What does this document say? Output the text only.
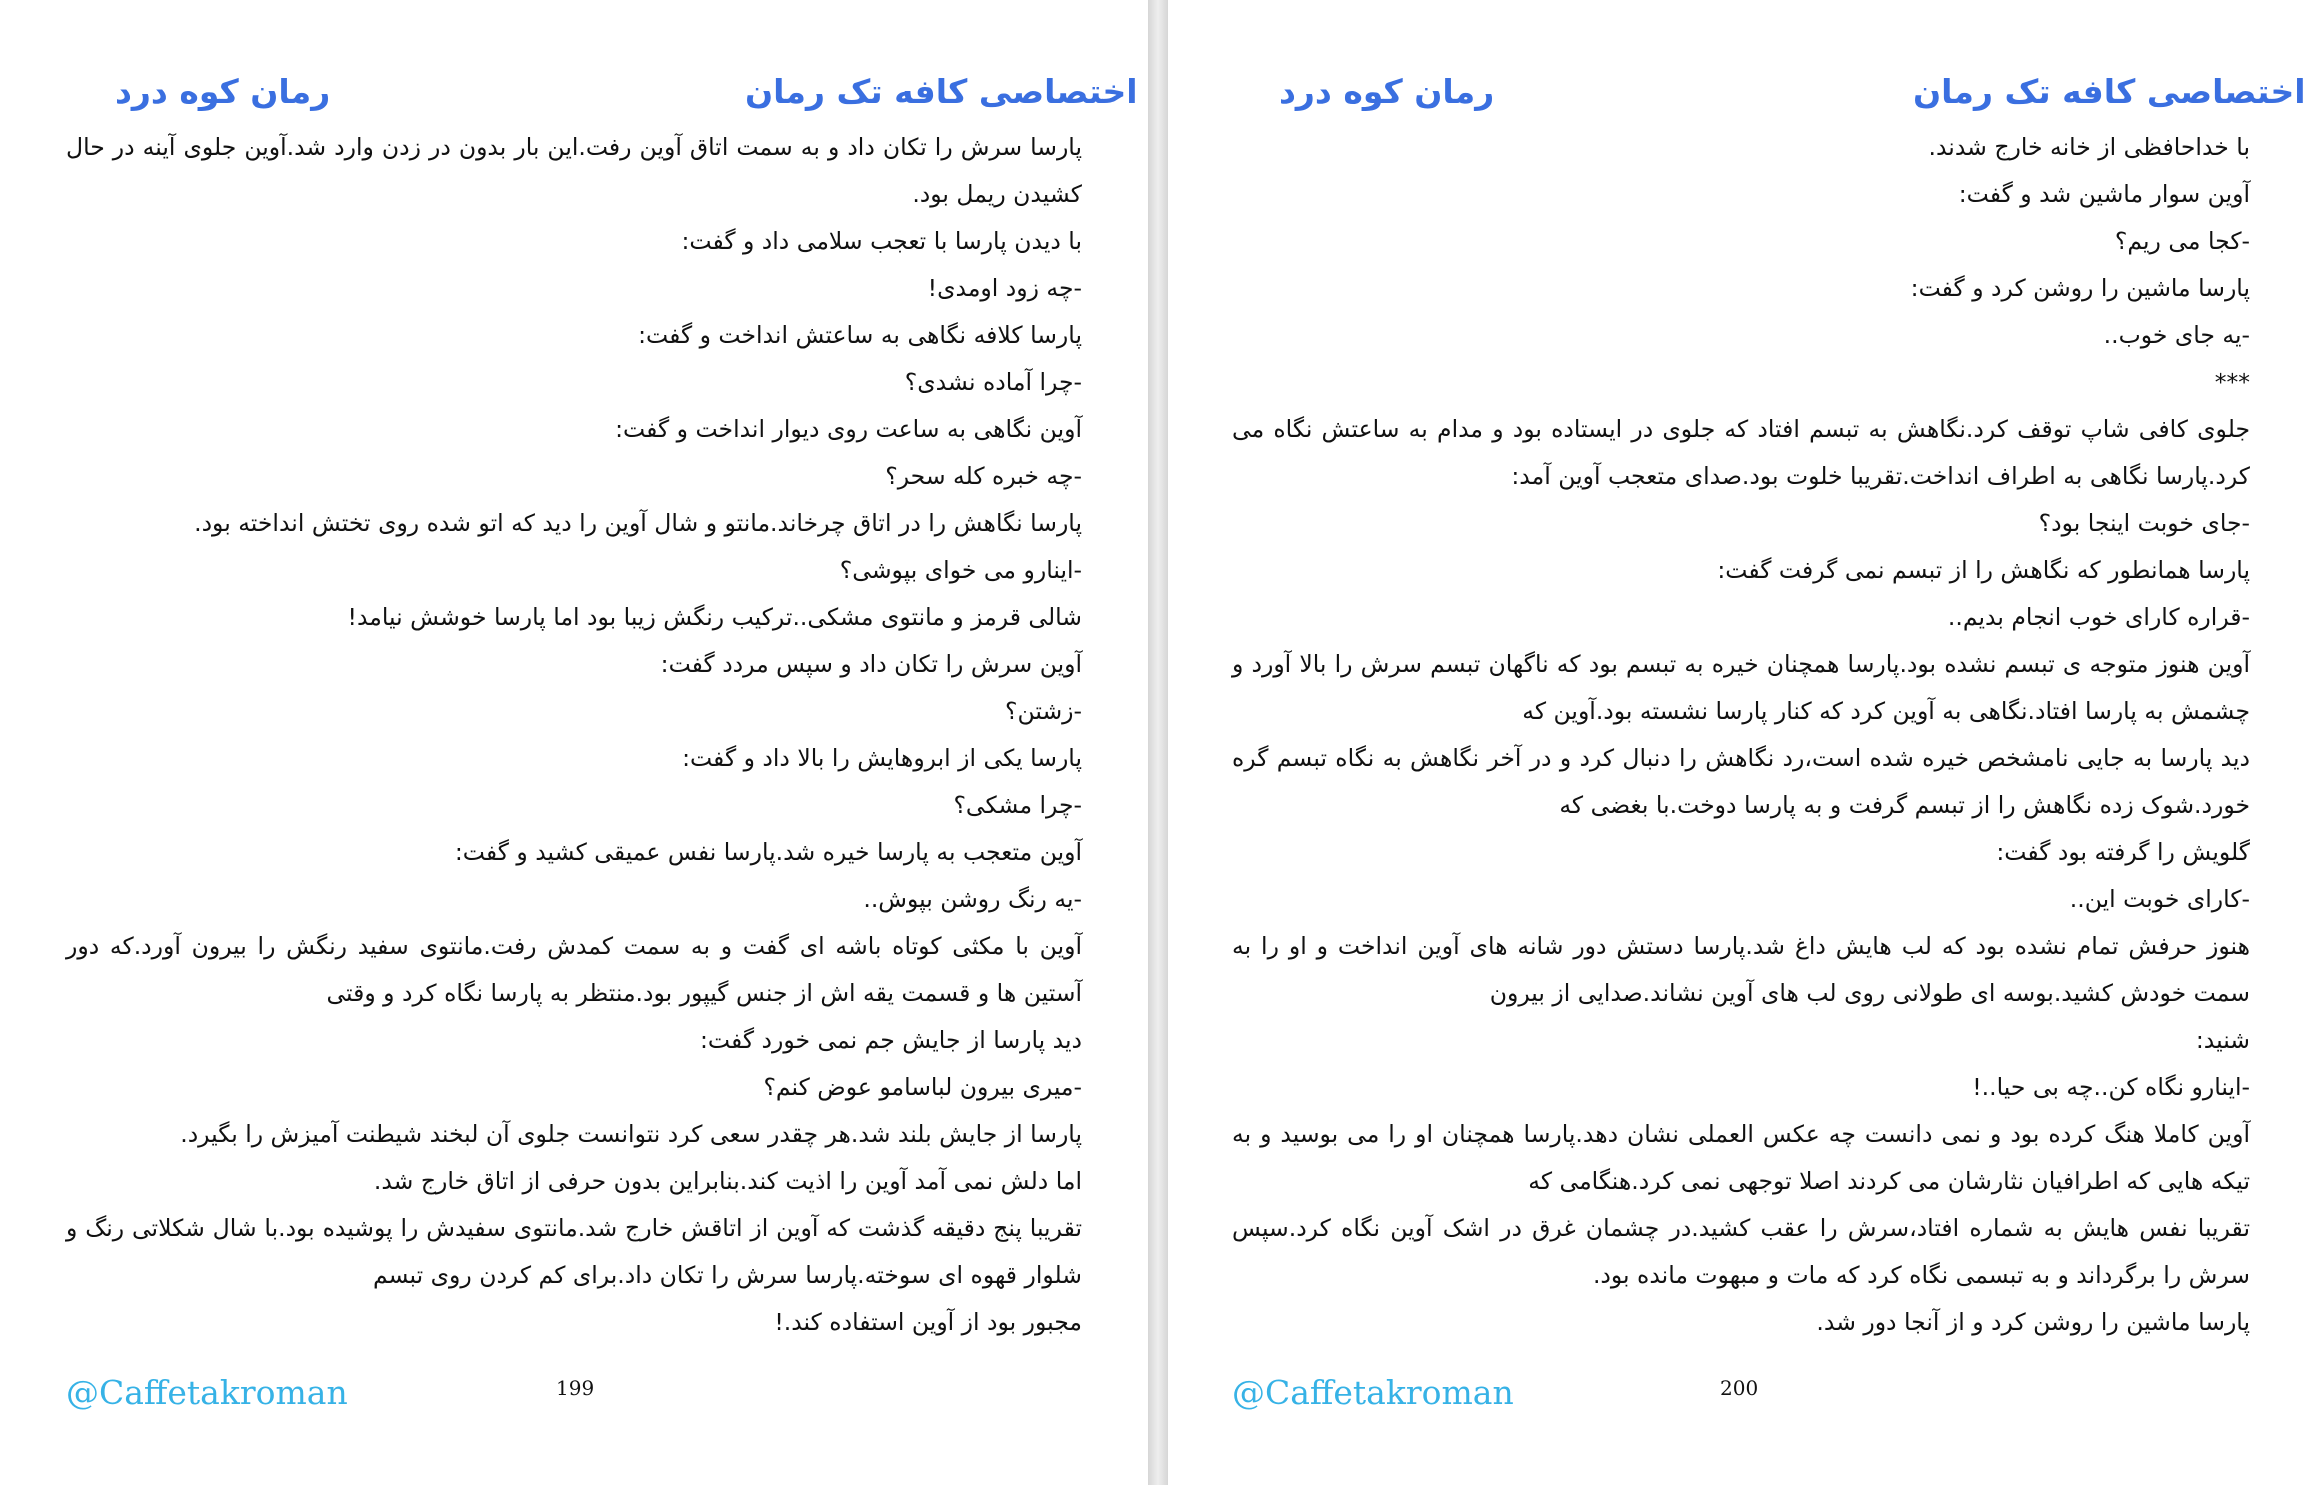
اختصاصی کافه تک رمان
رمان کوه درد

پارسا سرش را تکان داد و به سمت اتاق آوین رفت.این بار بدون در زدن وارد شد.آوین جلوی آینه در حال کشیدن ریمل بود.

با دیدن پارسا با تعجب سلامی داد و گفت:

-چه زود اومدی!

پارسا کلافه نگاهی به ساعتش انداخت و گفت:

-چرا آماده نشدی؟

آوین نگاهی به ساعت روی دیوار انداخت و گفت:

-چه خبره کله سحر؟

پارسا نگاهش را در اتاق چرخاند.مانتو و شال آوین را دید که اتو شده روی تختش انداخته بود.

-اینارو می خوای بپوشی؟

شالی قرمز و مانتوی مشکی..ترکیب رنگش زیبا بود اما پارسا خوشش نیامد!

آوین سرش را تکان داد و سپس مردد گفت:

-زشتن؟

پارسا یکی از ابروهایش را بالا داد و گفت:

-چرا مشکی؟

آوین متعجب به پارسا خیره شد.پارسا نفس عمیقی کشید و گفت:

-یه رنگ روشن بپوش..

آوین با مکثی کوتاه باشه ای گفت و به سمت کمدش رفت.مانتوی سفید رنگش را بیرون آورد.که دور آستین ها و قسمت یقه اش از جنس گیپور بود.منتظر به پارسا نگاه کرد و وقتی

دید پارسا از جایش جم نمی خورد گفت:

-میری بیرون لباسامو عوض کنم؟

پارسا از جایش بلند شد.هر چقدر سعی کرد نتوانست جلوی آن لبخند شیطنت آمیزش را بگیرد.

اما دلش نمی آمد آوین را اذیت کند.بنابراین بدون حرفی از اتاق خارج شد.

تقریبا پنج دقیقه گذشت که آوین از اتاقش خارج شد.مانتوی سفیدش را پوشیده بود.با شال شکلاتی رنگ و شلوار قهوه ای سوخته.پارسا سرش را تکان داد.برای کم کردن روی تبسم

مجبور بود از آوین استفاده کند.!

@Caffetakroman	199
اختصاصی کافه تک رمان
رمان کوه درد

با خداحافظی از خانه خارج شدند.

آوین سوار ماشین شد و گفت:

-کجا می ریم؟

پارسا ماشین را روشن کرد و گفت:

-یه جای خوب..

***

جلوی کافی شاپ توقف کرد.نگاهش به تبسم افتاد که جلوی در ایستاده بود و مدام به ساعتش نگاه می کرد.پارسا نگاهی به اطراف انداخت.تقریبا خلوت بود.صدای متعجب آوین آمد:

-جای خوبت اینجا بود؟

پارسا همانطور که نگاهش را از تبسم نمی گرفت گفت:

-قراره کارای خوب انجام بدیم..

آوین هنوز متوجه ی تبسم نشده بود.پارسا همچنان خیره به تبسم بود که ناگهان تبسم سرش را بالا آورد و چشمش به پارسا افتاد.نگاهی به آوین کرد که کنار پارسا نشسته بود.آوین که

دید پارسا به جایی نامشخص خیره شده است،رد نگاهش را دنبال کرد و در آخر نگاهش به نگاه تبسم گره خورد.شوک زده نگاهش را از تبسم گرفت و به پارسا دوخت.با بغضی که

گلویش را گرفته بود گفت:

-کارای خوبت این..

هنوز حرفش تمام نشده بود که لب هایش داغ شد.پارسا دستش دور شانه های آوین انداخت و او را به سمت خودش کشید.بوسه ای طولانی روی لب های آوین نشاند.صدایی از بیرون

شنید:

-اینارو نگاه کن..چه بی حیا..!

آوین کاملا هنگ کرده بود و نمی دانست چه عکس العملی نشان دهد.پارسا همچنان او را می بوسید و به تیکه هایی که اطرافیان نثارشان می کردند اصلا توجهی نمی کرد.هنگامی که

تقریبا نفس هایش به شماره افتاد،سرش را عقب کشید.در چشمان غرق در اشک آوین نگاه کرد.سپس سرش را برگرداند و به تبسمی نگاه کرد که مات و مبهوت مانده بود.

پارسا ماشین را روشن کرد و از آنجا دور شد.

@Caffetakroman	200
